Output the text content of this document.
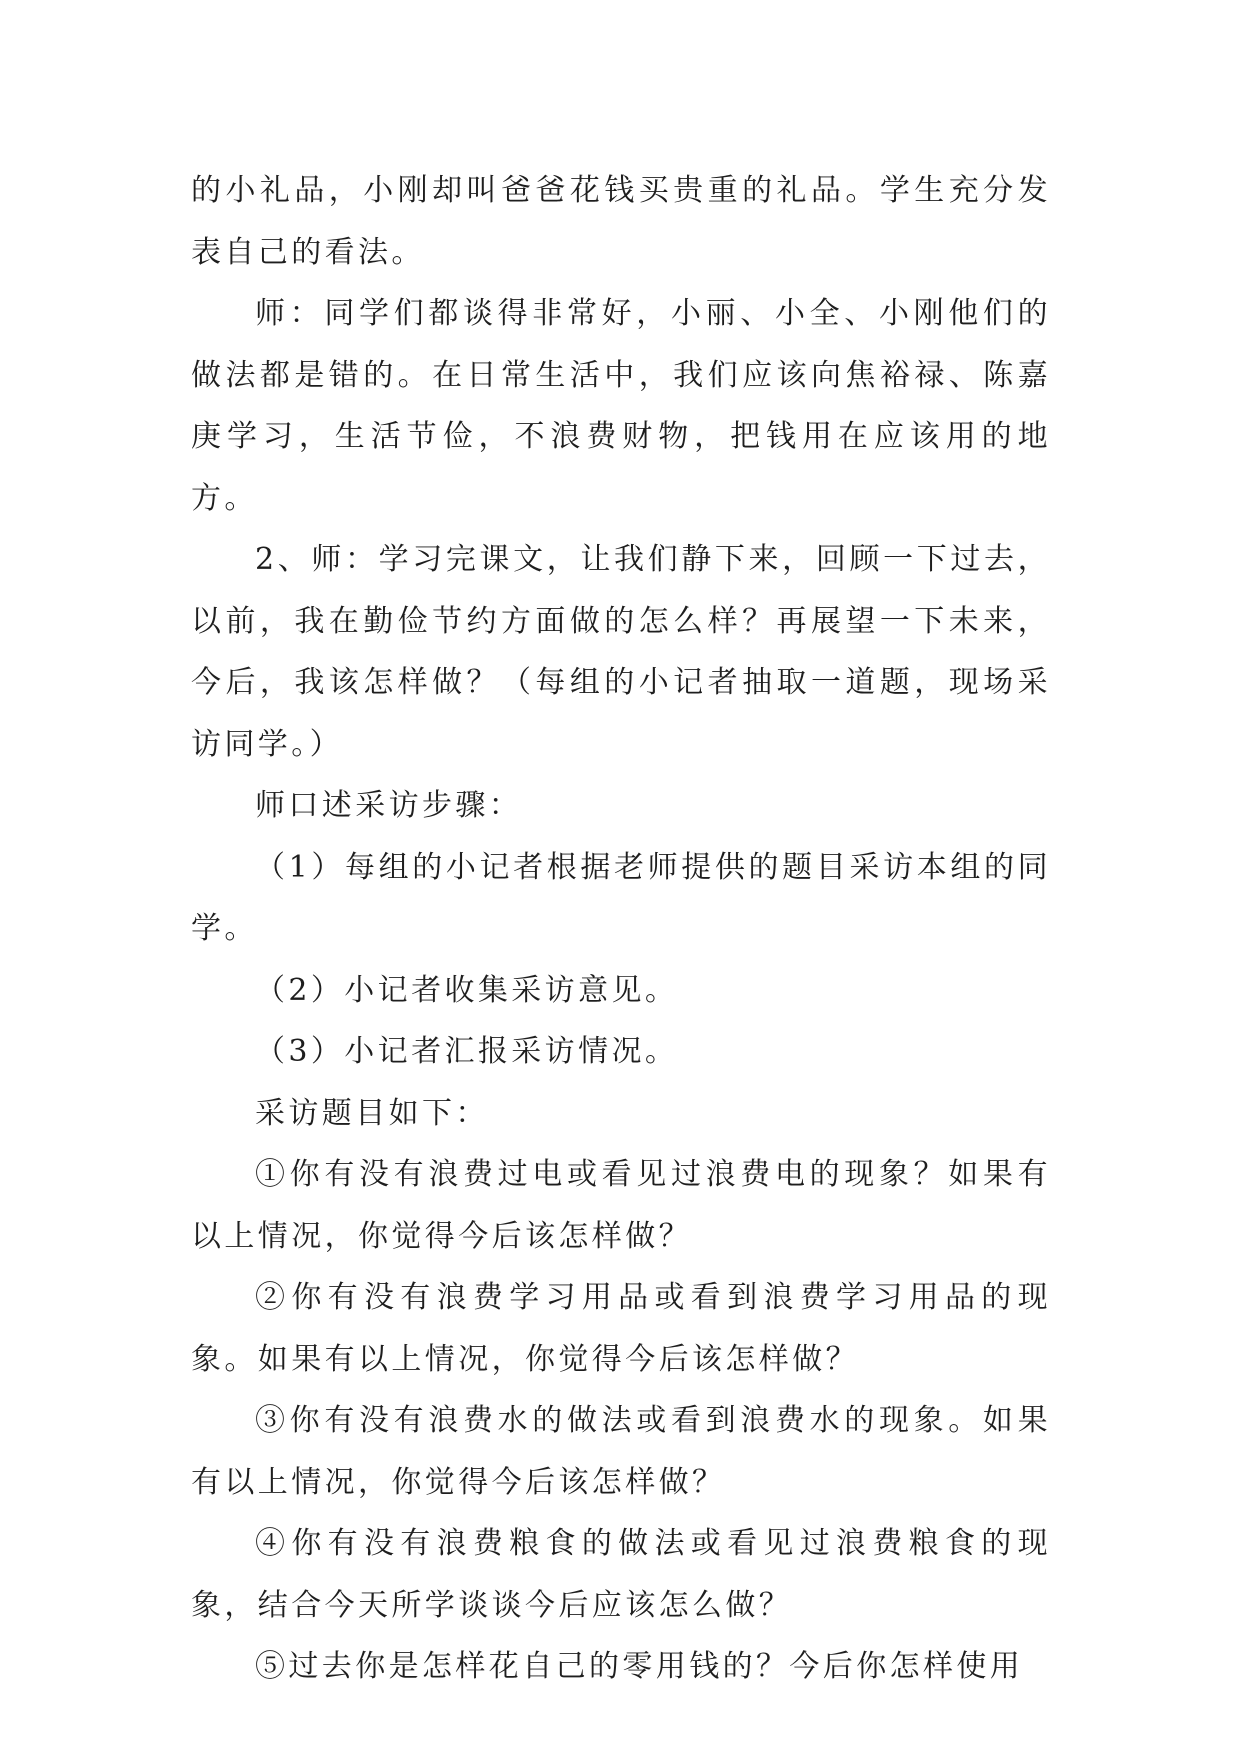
的小礼品，小刚却叫爸爸花钱买贵重的礼品。学生充分发表自己的看法。

师：同学们都谈得非常好，小丽、小全、小刚他们的做法都是错的。在日常生活中，我们应该向焦裕禄、陈嘉庚学习，生活节俭，不浪费财物，把钱用在应该用的地方。

2、师：学习完课文，让我们静下来，回顾一下过去，以前，我在勤俭节约方面做的怎么样？再展望一下未来，今后，我该怎样做？（每组的小记者抽取一道题，现场采访同学。）

师口述采访步骤：

（1）每组的小记者根据老师提供的题目采访本组的同学。

（2）小记者收集采访意见。

（3）小记者汇报采访情况。

采访题目如下：

①你有没有浪费过电或看见过浪费电的现象？如果有以上情况，你觉得今后该怎样做？

②你有没有浪费学习用品或看到浪费学习用品的现象。如果有以上情况，你觉得今后该怎样做？

③你有没有浪费水的做法或看到浪费水的现象。如果有以上情况，你觉得今后该怎样做？

④你有没有浪费粮食的做法或看见过浪费粮食的现象，结合今天所学谈谈今后应该怎么做？

⑤过去你是怎样花自己的零用钱的？今后你怎样使用
